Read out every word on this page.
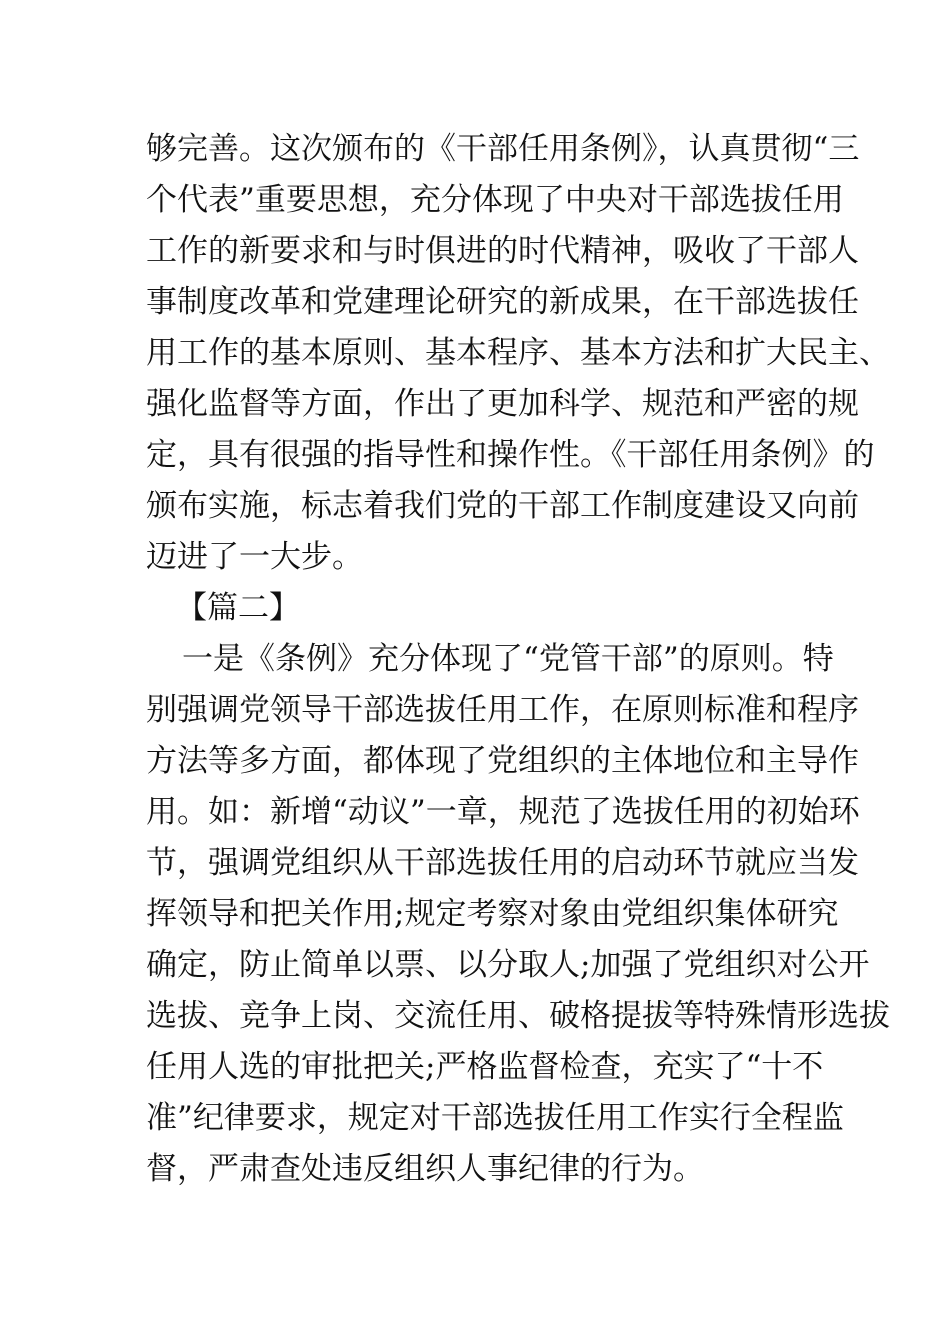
够完善。这次颁布的《干部任用条例》，认真贯彻“三
个代表”重要思想，充分体现了中央对干部选拔任用
工作的新要求和与时俱进的时代精神，吸收了干部人
事制度改革和党建理论研究的新成果，在干部选拔任
用工作的基本原则、基本程序、基本方法和扩大民主、
强化监督等方面，作出了更加科学、规范和严密的规
定，具有很强的指导性和操作性。《干部任用条例》的
颁布实施，标志着我们党的干部工作制度建设又向前
迈进了一大步。
【篇二】
一是《条例》充分体现了“党管干部”的原则。特
别强调党领导干部选拔任用工作，在原则标准和程序
方法等多方面，都体现了党组织的主体地位和主导作
用。如：新增“动议”一章，规范了选拔任用的初始环
节，强调党组织从干部选拔任用的启动环节就应当发
挥领导和把关作用;规定考察对象由党组织集体研究
确定，防止简单以票、以分取人;加强了党组织对公开
选拔、竞争上岗、交流任用、破格提拔等特殊情形选拔
任用人选的审批把关;严格监督检查，充实了“十不
准”纪律要求，规定对干部选拔任用工作实行全程监
督，严肃查处违反组织人事纪律的行为。
